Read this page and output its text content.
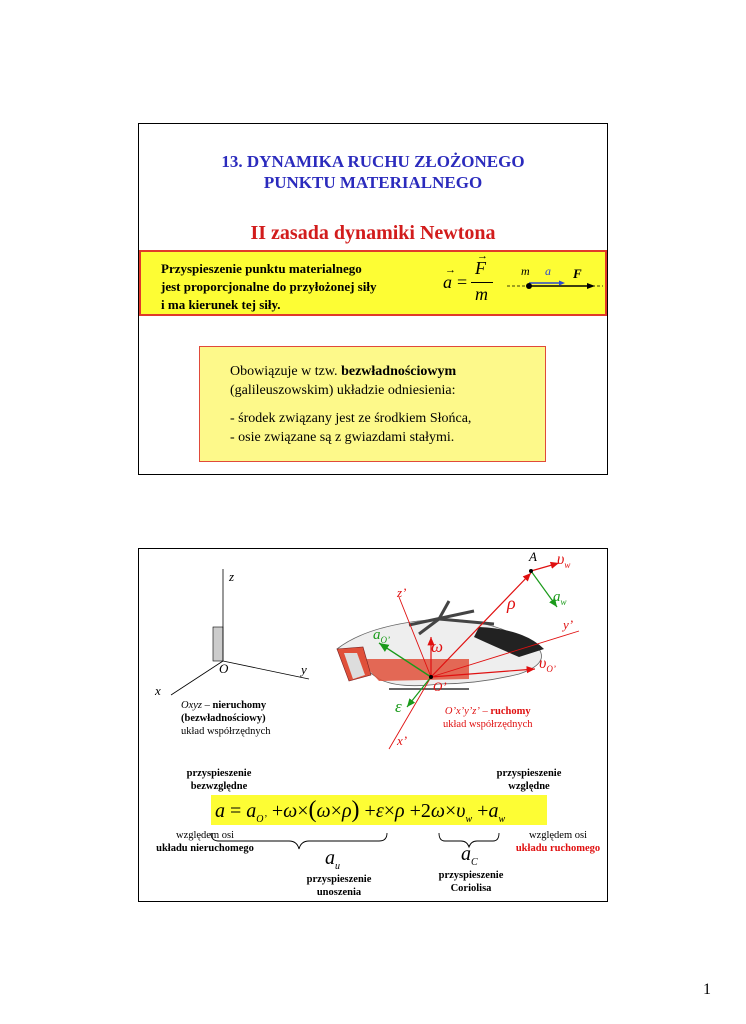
13. DYNAMIKA RUCHU ZŁOŻONEGO
PUNKTU MATERIALNEGO
II zasada dynamiki Newtona
Przyspieszenie punktu materialnego
jest proporcjonalne do przyłożonej siły
i ma kierunek tej siły.
a
→
=
F
→
m
m a F

Obowiązuje w tzw. bezwładnościowym

(galileuszowskim) układzie odniesienia:

- środek związany jest ze środkiem Słońca,

- osie związane są z gwiazdami stałymi.

z
y
x
O
Oxyz – nieruchomy
(bezwładnościowy)
układ współrzędnych
A $\upsilon_w$
$a_w$
ρ
z’
y’
x’
$a_{O’}$ ω
$\upsilon_{O’}$
ε
O’
O’x’y’z’ – ruchomy
układ współrzędnych
przyspieszenie
bezwzględne
przyspieszenie
względne
$a = a_{O’} +\omega\times(\omega\times\rho) +\varepsilon\times\rho +2\omega\times\upsilon_w +a_w$
względem osi
układu nieruchomego
względem osi
układu ruchomego
$a_u$
przyspieszenie
unoszenia
$a_C$
przyspieszenie
Coriolisa
1
